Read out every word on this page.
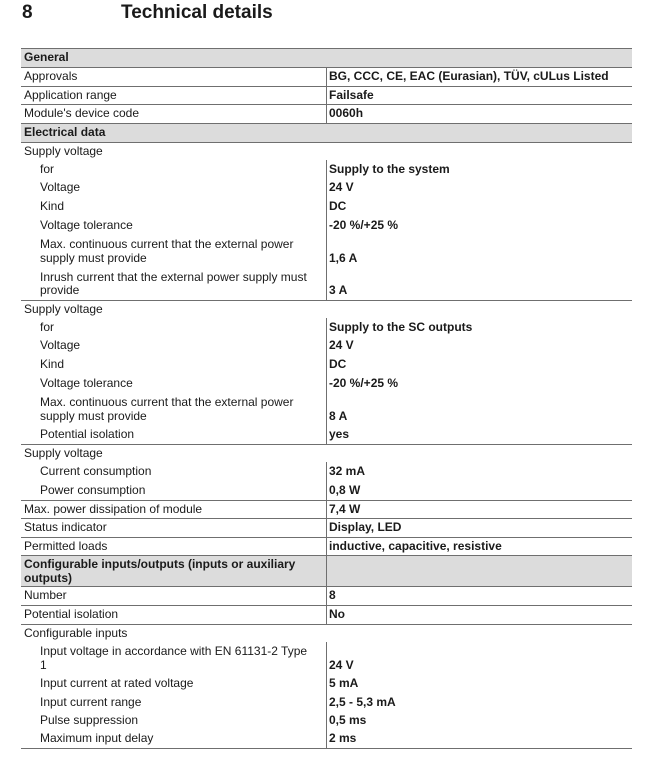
8	Technical details
General
Approvals	BG, CCC, CE, EAC (Eurasian), TÜV, cULus Listed
Application range	Failsafe
Module's device code	0060h
Electrical data
Supply voltage
for	Supply to the system
Voltage	24 V
Kind	DC
Voltage tolerance	-20 %/+25 %
Max. continuous current that the external power
supply must provide	1,6 A
Inrush current that the external power supply must
provide	3 A
Supply voltage
for	Supply to the SC outputs
Voltage	24 V
Kind	DC
Voltage tolerance	-20 %/+25 %
Max. continuous current that the external power
supply must provide	8 A
Potential isolation	yes
Supply voltage
Current consumption	32 mA
Power consumption	0,8 W
Max. power dissipation of module	7,4 W
Status indicator	Display, LED
Permitted loads	inductive, capacitive, resistive
Configurable inputs/outputs (inputs or auxiliary
outputs)
Number	8
Potential isolation	No
Configurable inputs
Input voltage in accordance with EN 61131-2 Type
1	24 V
Input current at rated voltage	5 mA
Input current range	2,5 - 5,3 mA
Pulse suppression	0,5 ms
Maximum input delay	2 ms
